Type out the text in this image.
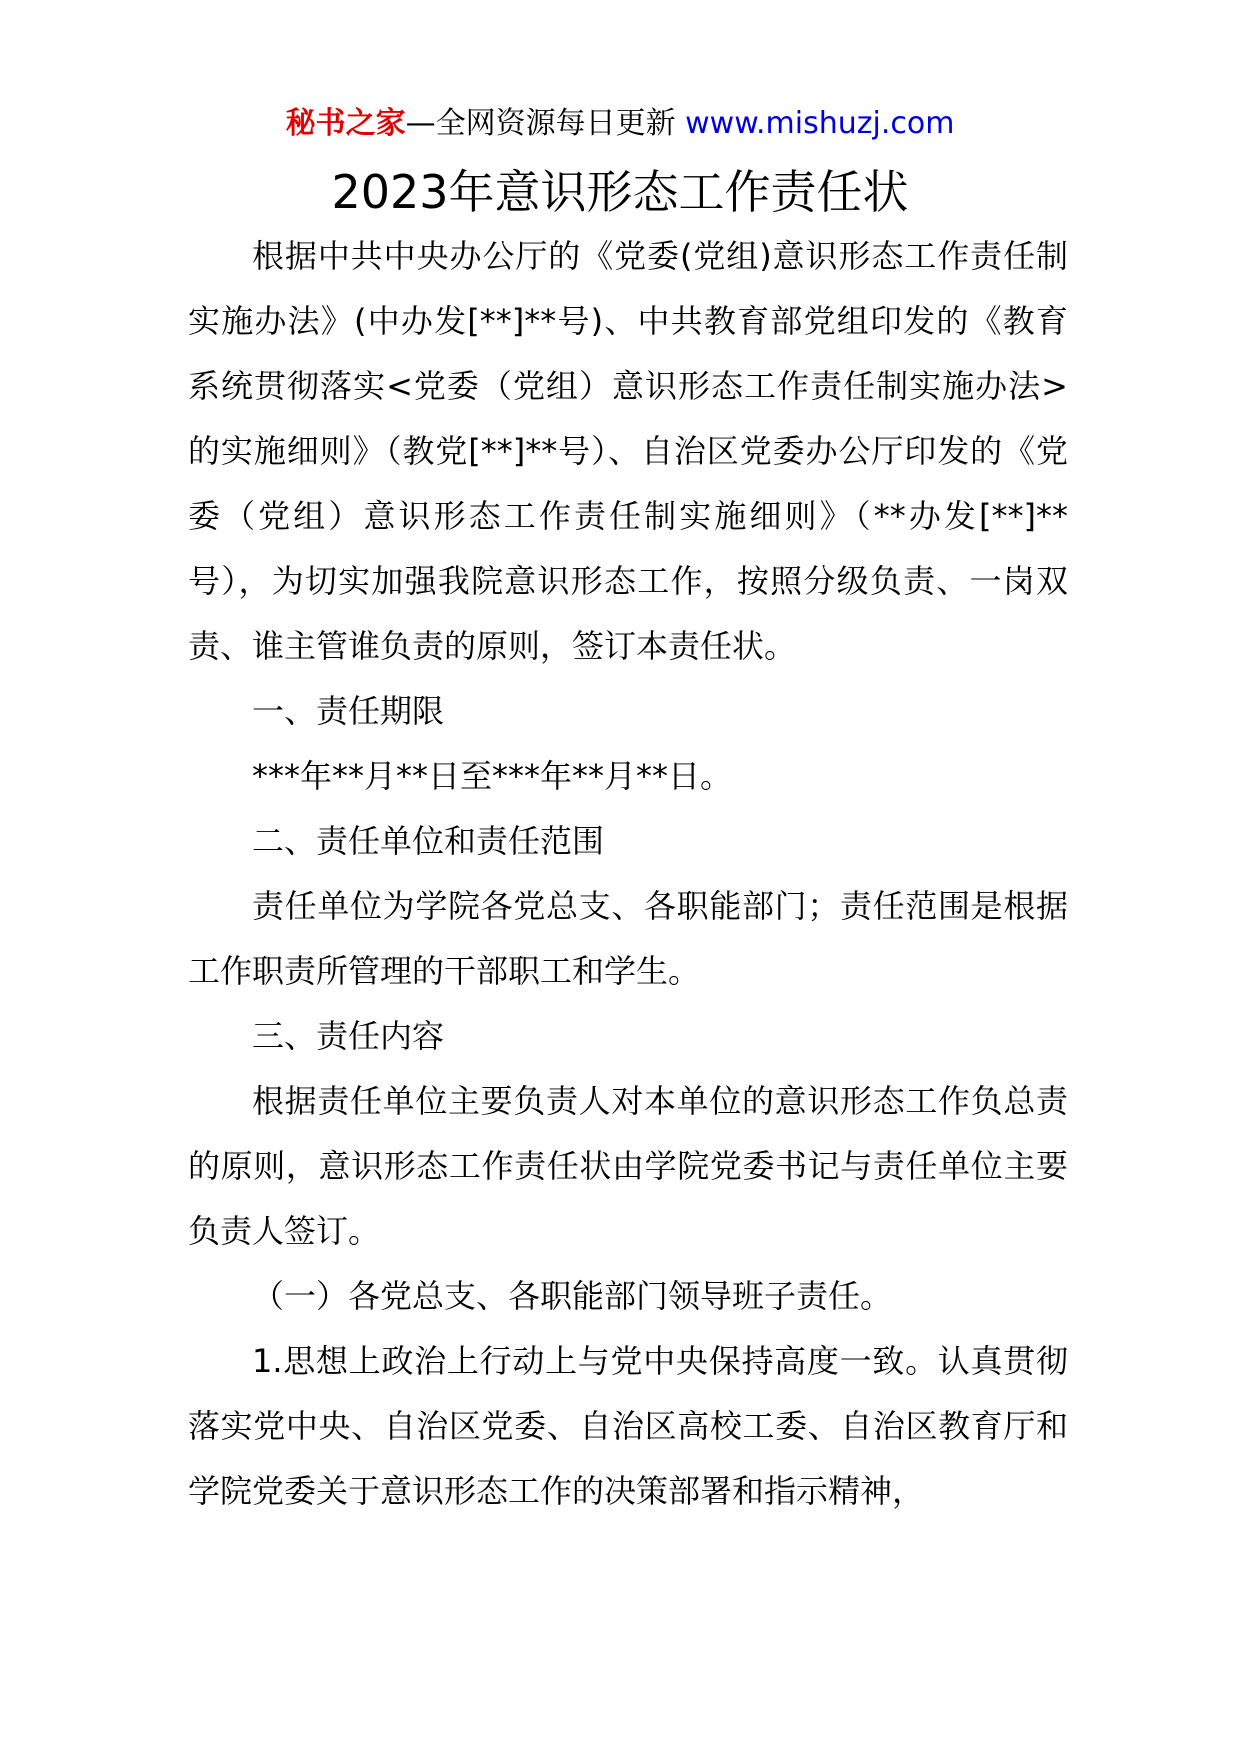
秘书之家—全网资源每日更新 www.mishuzj.com
2023年意识形态工作责任状

根据中共中央办公厅的《党委(党组)意识形态工作责任制实施办法》(中办发[**]**号)、中共教育部党组印发的《教育系统贯彻落实<党委（党组）意识形态工作责任制实施办法>的实施细则》（教党[**]**号）、自治区党委办公厅印发的《党委（党组）意识形态工作责任制实施细则》（**办发[**]**号），为切实加强我院意识形态工作，按照分级负责、一岗双责、谁主管谁负责的原则，签订本责任状。

一、责任期限

***年**月**日至***年**月**日。

二、责任单位和责任范围

责任单位为学院各党总支、各职能部门；责任范围是根据工作职责所管理的干部职工和学生。

三、责任内容

根据责任单位主要负责人对本单位的意识形态工作负总责的原则，意识形态工作责任状由学院党委书记与责任单位主要负责人签订。

（一）各党总支、各职能部门领导班子责任。

1.思想上政治上行动上与党中央保持高度一致。认真贯彻落实党中央、自治区党委、自治区高校工委、自治区教育厅和学院党委关于意识形态工作的决策部署和指示精神，
